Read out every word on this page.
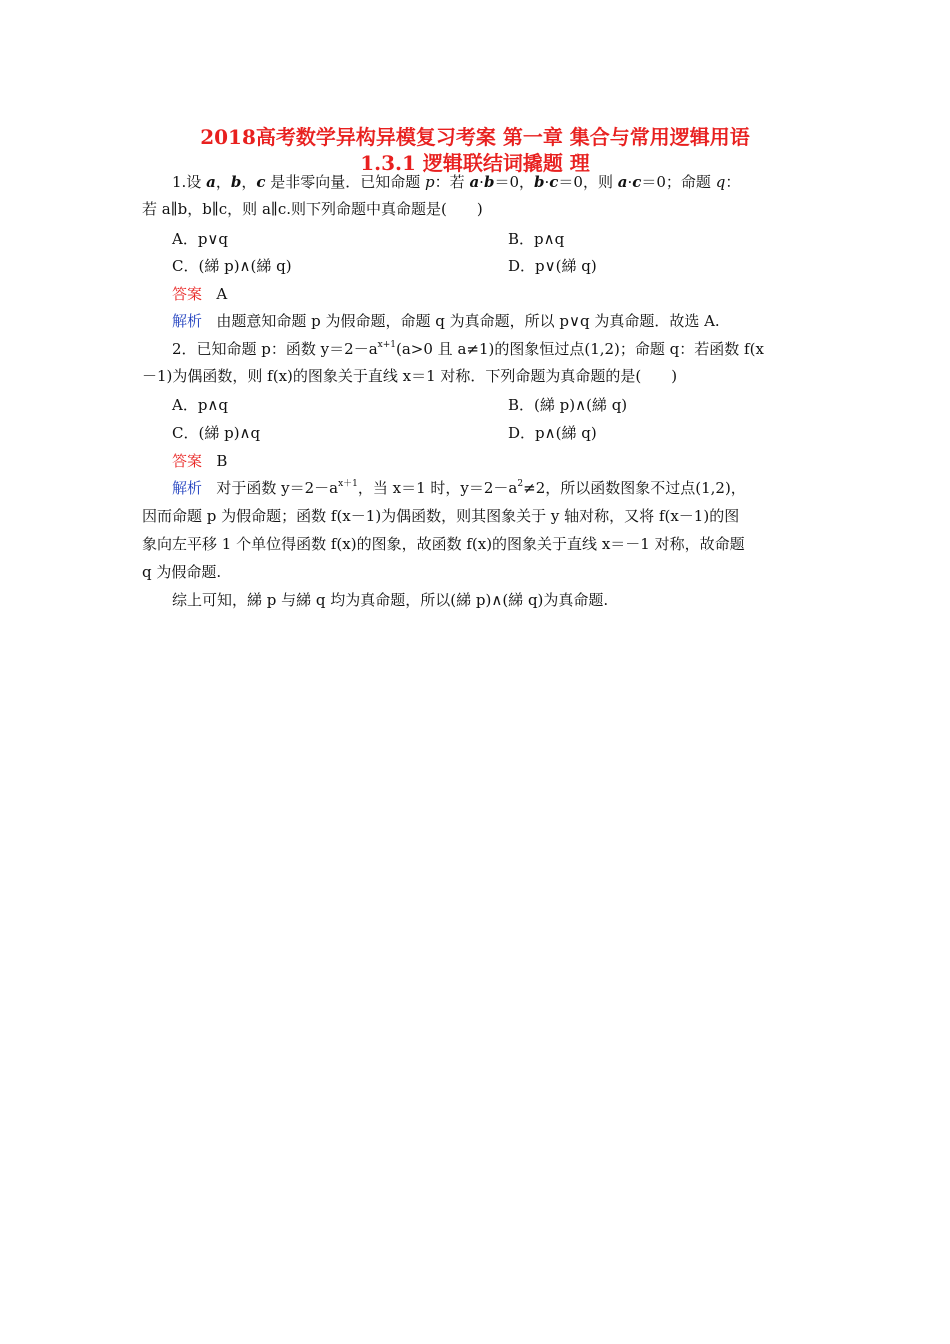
2018高考数学异构异模复习考案 第一章 集合与常用逻辑用语
1.3.1 逻辑联结词撬题 理
1.设 a，b，c 是非零向量．已知命题 p：若 a·b＝0，b·c＝0，则 a·c＝0；命题 q：
若 a∥b，b∥c，则 a∥c.则下列命题中真命题是(　　)
A．p∨q	B．p∧q
C．(綈 p)∧(綈 q)	D．p∨(綈 q)
答案 A
解析 由题意知命题 p 为假命题，命题 q 为真命题，所以 p∨q 为真命题．故选 A.
2．已知命题 p：函数 $y=2-a^{x+1}(a>0$ 且 a≠1)的图象恒过点(1,2)；命题 q：若函数 f(x
－1)为偶函数，则 f(x)的图象关于直线 x＝1 对称．下列命题为真命题的是(　　)
A．p∧q	B．(綈 p)∧(綈 q)
C．(綈 p)∧q	D．p∧(綈 q)
答案 B
解析 对于函数 $y=2-a^{x+1}$，当 x＝1 时，$y=2-a^2\ne 2$，所以函数图象不过点(1,2)，
因而命题 p 为假命题；函数 f(x－1)为偶函数，则其图象关于 y 轴对称，又将 f(x－1)的图
象向左平移 1 个单位得函数 f(x)的图象，故函数 f(x)的图象关于直线 x＝－1 对称，故命题
q 为假命题.
综上可知，綈 p 与綈 q 均为真命题，所以(綈 p)∧(綈 q)为真命题.
